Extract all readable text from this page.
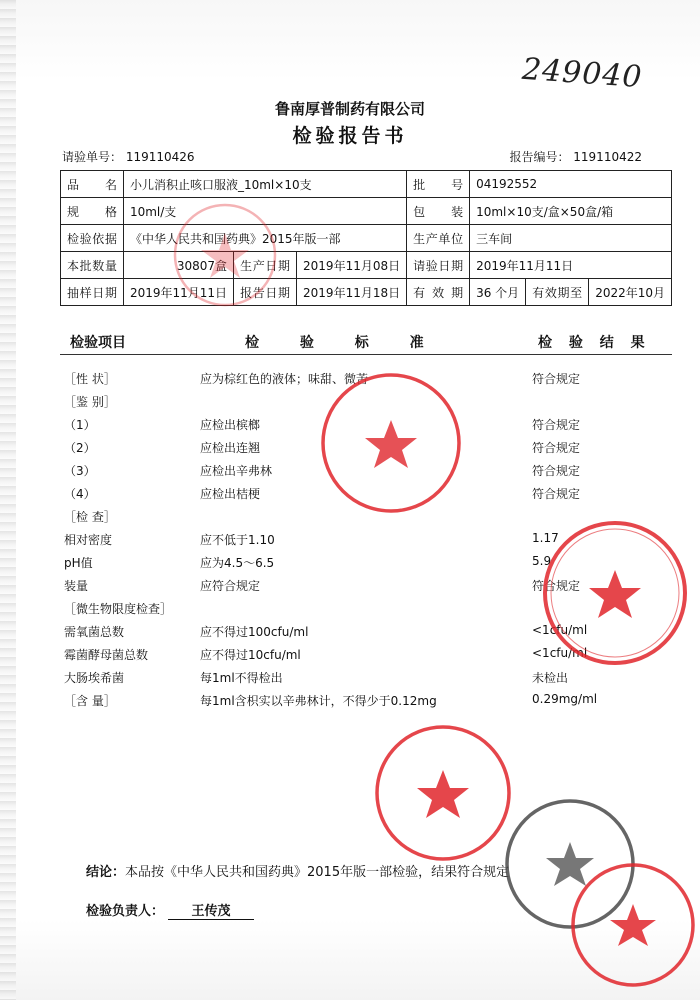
249040
鲁南厚普制药有限公司
检验报告书
请验单号： 119110426	报告编号： 119110422
品 名	小儿消积止咳口服液_10ml×10支			批 号	04192552		
规 格	10ml/支			包 装	10ml×10支/盒×50盒/箱		
检验依据	《中华人民共和国药典》2015年版一部			生产单位	三车间		
本批数量	30807盒	生产日期	2019年11月08日	请验日期	2019年11月11日		
抽样日期	2019年11月11日	报告日期	2019年11月18日	有 效 期	36 个月	有效期至	2022年10月
检验项目	检 验 标 准	检 验 结 果
［性 状］	应为棕红色的液体；味甜、微苦	符合规定
［鉴 别］
（1）	应检出槟榔	符合规定
（2）	应检出连翘	符合规定
（3）	应检出辛弗林	符合规定
（4）	应检出桔梗	符合规定
［检 查］
相对密度	应不低于1.10	1.17
pH值	应为4.5～6.5	5.9
装量	应符合规定	符合规定
［微生物限度检查］
需氧菌总数	应不得过100cfu/ml	<1cfu/ml
霉菌酵母菌总数	应不得过10cfu/ml	<1cfu/ml
大肠埃希菌	每1ml不得检出	未检出
［含 量］	每1ml含枳实以辛弗林计，不得少于0.12mg	0.29mg/ml
结论：本品按《中华人民共和国药典》2015年版一部检验，结果符合规定
检验负责人： 王传茂
